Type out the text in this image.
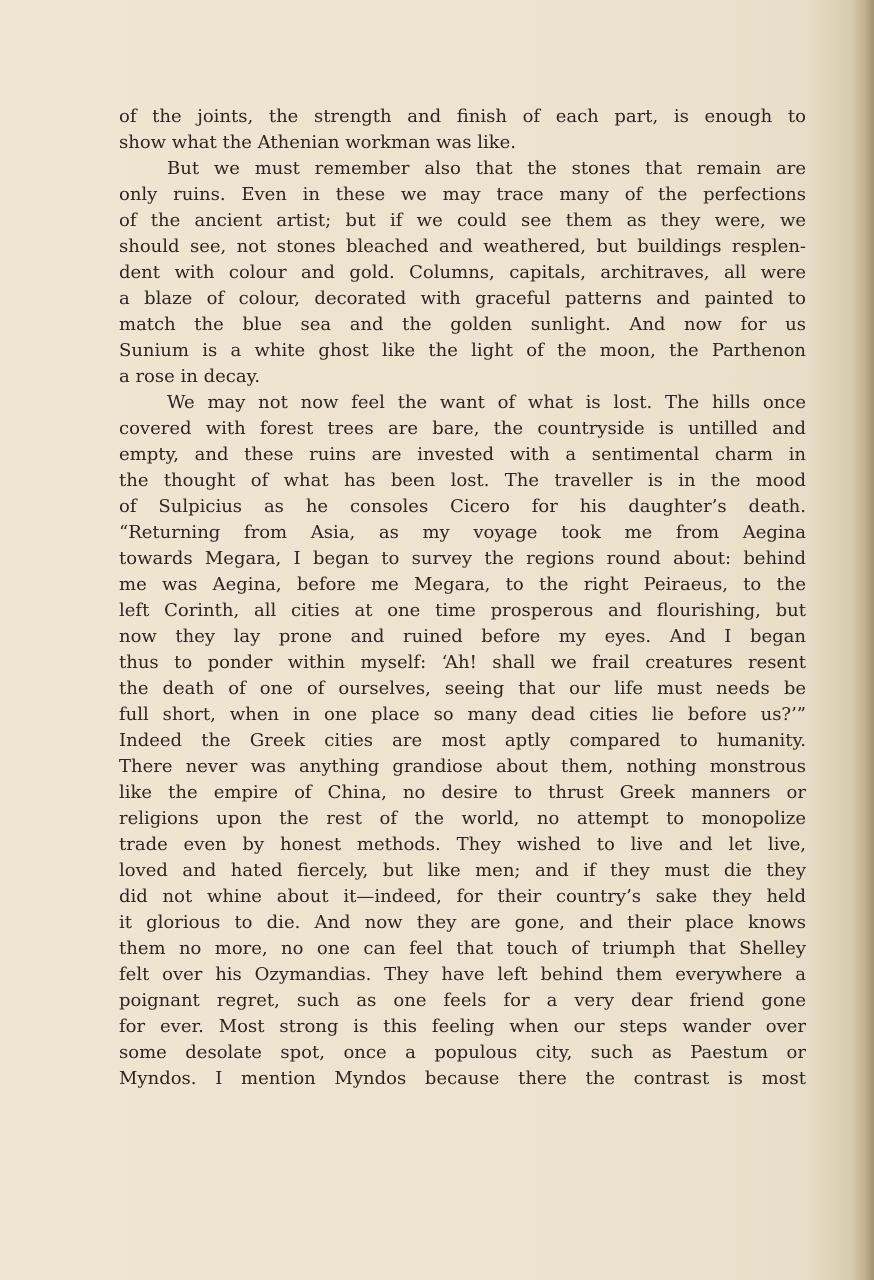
of the joints, the strength and finish of each part, is enough to
show what the Athenian workman was like.
But we must remember also that the stones that remain are
only ruins. Even in these we may trace many of the perfections
of the ancient artist; but if we could see them as they were, we
should see, not stones bleached and weathered, but buildings resplen-
dent with colour and gold. Columns, capitals, architraves, all were
a blaze of colour, decorated with graceful patterns and painted to
match the blue sea and the golden sunlight. And now for us
Sunium is a white ghost like the light of the moon, the Parthenon
a rose in decay.
We may not now feel the want of what is lost. The hills once
covered with forest trees are bare, the countryside is untilled and
empty, and these ruins are invested with a sentimental charm in
the thought of what has been lost. The traveller is in the mood
of Sulpicius as he consoles Cicero for his daughter’s death.
“Returning from Asia, as my voyage took me from Aegina
towards Megara, I began to survey the regions round about: behind
me was Aegina, before me Megara, to the right Peiraeus, to the
left Corinth, all cities at one time prosperous and flourishing, but
now they lay prone and ruined before my eyes. And I began
thus to ponder within myself: ‘Ah! shall we frail creatures resent
the death of one of ourselves, seeing that our life must needs be
full short, when in one place so many dead cities lie before us?’”
Indeed the Greek cities are most aptly compared to humanity.
There never was anything grandiose about them, nothing monstrous
like the empire of China, no desire to thrust Greek manners or
religions upon the rest of the world, no attempt to monopolize
trade even by honest methods. They wished to live and let live,
loved and hated fiercely, but like men; and if they must die they
did not whine about it—indeed, for their country’s sake they held
it glorious to die. And now they are gone, and their place knows
them no more, no one can feel that touch of triumph that Shelley
felt over his Ozymandias. They have left behind them everywhere a
poignant regret, such as one feels for a very dear friend gone
for ever. Most strong is this feeling when our steps wander over
some desolate spot, once a populous city, such as Paestum or
Myndos. I mention Myndos because there the contrast is most
